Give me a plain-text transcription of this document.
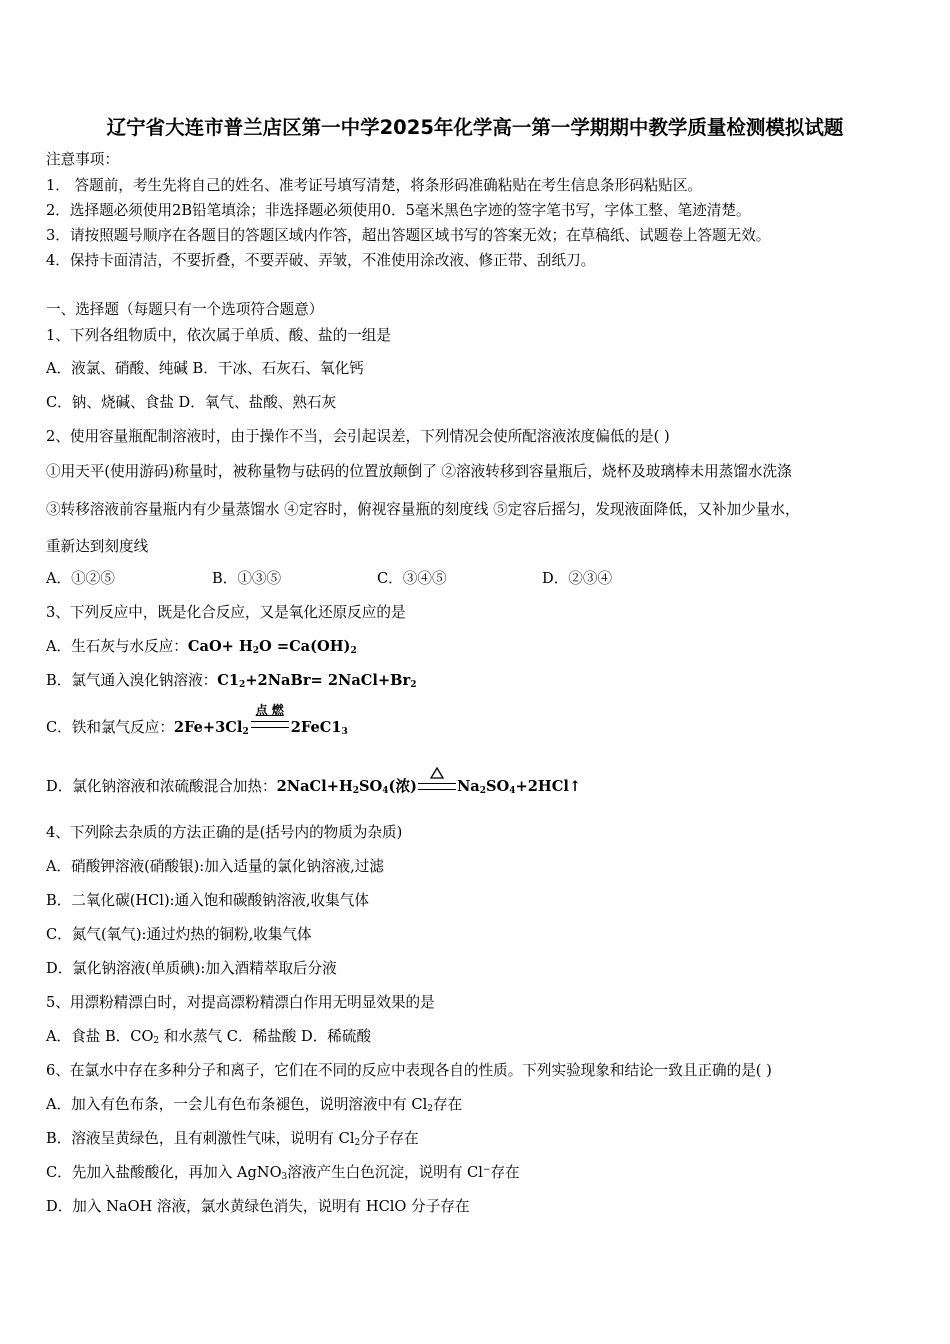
辽宁省大连市普兰店区第一中学2025年化学高一第一学期期中教学质量检测模拟试题
注意事项：
1． 答题前，考生先将自己的姓名、准考证号填写清楚，将条形码准确粘贴在考生信息条形码粘贴区。
2．选择题必须使用2B铅笔填涂；非选择题必须使用0．5毫米黑色字迹的签字笔书写，字体工整、笔迹清楚。
3．请按照题号顺序在各题目的答题区域内作答，超出答题区域书写的答案无效；在草稿纸、试题卷上答题无效。
4．保持卡面清洁，不要折叠，不要弄破、弄皱，不准使用涂改液、修正带、刮纸刀。
一、选择题（每题只有一个选项符合题意）
1、下列各组物质中，依次属于单质、酸、盐的一组是
A．液氯、硝酸、纯碱 B．干冰、石灰石、氧化钙
C．钠、烧碱、食盐 D．氧气、盐酸、熟石灰
2、使用容量瓶配制溶液时，由于操作不当，会引起误差，下列情况会使所配溶液浓度偏低的是( )
①用天平(使用游码)称量时，被称量物与砝码的位置放颠倒了 ②溶液转移到容量瓶后，烧杯及玻璃棒未用蒸馏水洗涤
③转移溶液前容量瓶内有少量蒸馏水 ④定容时，俯视容量瓶的刻度线 ⑤定容后摇匀，发现液面降低，又补加少量水，
重新达到刻度线
A．①②⑤	B．①③⑤	C．③④⑤	D．②③④
3、下列反应中，既是化合反应，又是氧化还原反应的是
A．生石灰与水反应：$CaO+ H_2O =Ca(OH)_2$
B．氯气通入溴化钠溶液：$C1_2+2NaBr=$ $2NaCl+Br_2$
C．铁和氯气反应：$2Fe+3Cl_2$
点 燃
$2FeC1_3$
D．氯化钠溶液和浓硫酸混合加热：$2NaCl+H_2SO_4$(浓)	$Na_2SO_4+2HCl↑$
4、下列除去杂质的方法正确的是(括号内的物质为杂质)
A．硝酸钾溶液(硝酸银):加入适量的氯化钠溶液,过滤
B．二氧化碳(HCl):通入饱和碳酸钠溶液,收集气体
C．氮气(氧气):通过灼热的铜粉,收集气体
D．氯化钠溶液(单质碘):加入酒精萃取后分液
5、用漂粉精漂白时，对提高漂粉精漂白作用无明显效果的是
A．食盐 B．$CO_2$ 和水蒸气 C．稀盐酸 D．稀硫酸
6、在氯水中存在多种分子和离子，它们在不同的反应中表现各自的性质。下列实验现象和结论一致且正确的是( )
A．加入有色布条，一会儿有色布条褪色，说明溶液中有 $Cl_2$存在
B．溶液呈黄绿色，且有刺激性气味，说明有 $Cl_2$分子存在
C．先加入盐酸酸化，再加入 AgNO$_3$溶液产生白色沉淀，说明有 Cl−存在
D．加入 NaOH 溶液，氯水黄绿色消失，说明有 HClO 分子存在
